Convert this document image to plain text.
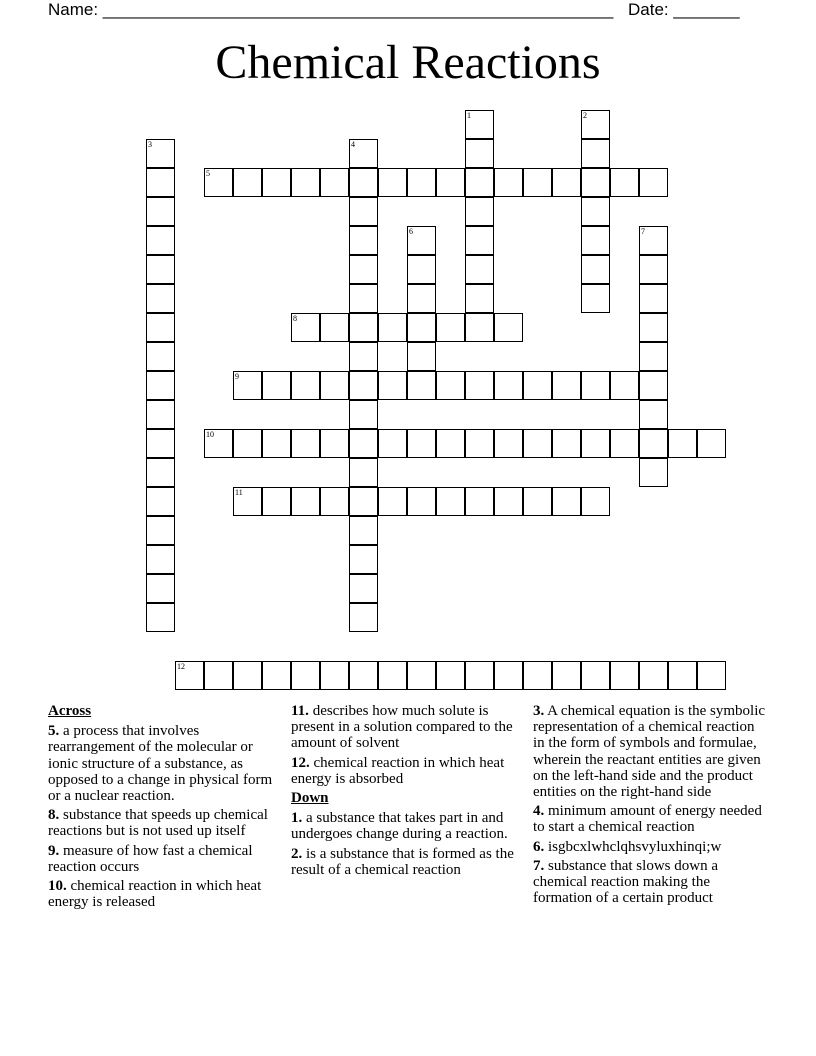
Name: ______________________________________________________ Date: _______
Chemical Reactions
1	2
3	4
5
6	7
8
9
10
11
12
Across
5. a process that involves rearrangement of the molecular or ionic structure of a substance, as opposed to a change in physical form or a nuclear reaction.
8. substance that speeds up chemical reactions but is not used up itself
9. measure of how fast a chemical reaction occurs
10. chemical reaction in which heat energy is released
11. describes how much solute is present in a solution compared to the amount of solvent
12. chemical reaction in which heat energy is absorbed
Down
1. a substance that takes part in and undergoes change during a reaction.
2. is a substance that is formed as the result of a chemical reaction
3. A chemical equation is the symbolic representation of a chemical reaction in the form of symbols and formulae, wherein the reactant entities are given on the left-hand side and the product entities on the right-hand side
4. minimum amount of energy needed to start a chemical reaction
6. isgbcxlwhclqhsvyluxhinqi;w
7. substance that slows down a chemical reaction making the formation of a certain product
